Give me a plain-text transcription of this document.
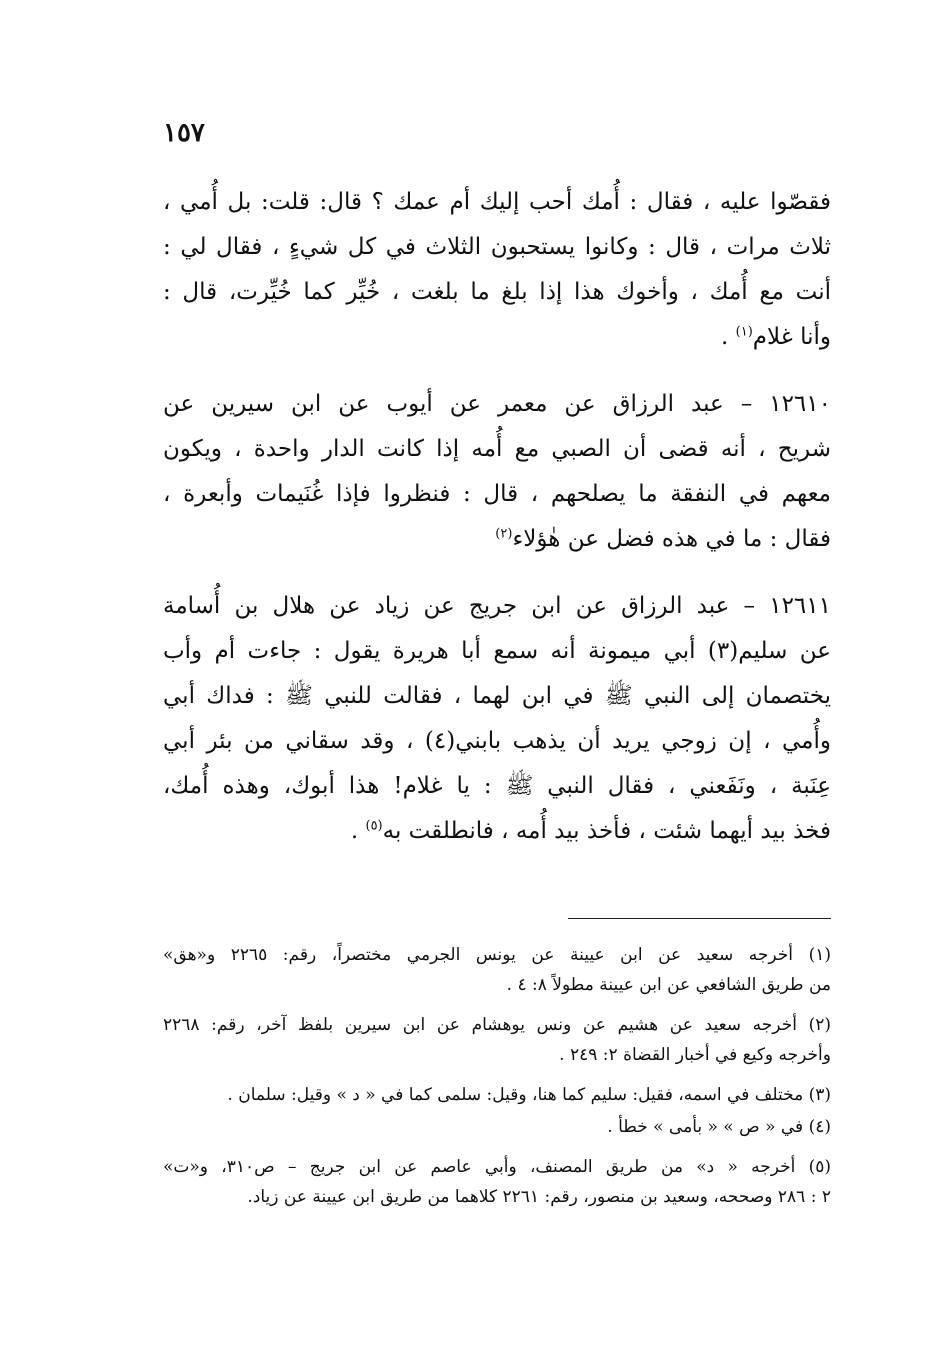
١٥٧
فقصّوا عليه ، فقال : أُمك أحب إليك أم عمك ؟ قال: قلت: بل أُمي ،
ثلاث مرات ، قال : وكانوا يستحبون الثلاث في كل شيءٍ ، فقال لي :
أنت مع أُمك ، وأخوك هذا إذا بلغ ما بلغت ، خُيِّر كما خُيِّرت، قال :
وأنا غلام$^{(١)}$ .
١٢٦١٠ – عبد الرزاق عن معمر عن أيوب عن ابن سيرين عن
شريح ، أنه قضى أن الصبي مع أُمه إذا كانت الدار واحدة ، ويكون
معهم في النفقة ما يصلحهم ، قال : فنظروا فإذا غُنَيمات وأبعرة ،
فقال : ما في هذه فضل عن هٰؤلاء$^{(٢)}$
١٢٦١١ – عبد الرزاق عن ابن جريج عن زياد عن هلال بن أُسامة
عن سليم(٣) أبي ميمونة أنه سمع أبا هريرة يقول : جاءت أم وأب
يختصمان إلى النبي ﷺ في ابن لهما ، فقالت للنبي ﷺ : فداك أبي
وأُمي ، إن زوجي يريد أن يذهب بابني(٤) ، وقد سقاني من بئر أبي
عِنَبة ، ونَفَعني ، فقال النبي ﷺ : يا غلام! هذا أبوك، وهذه أُمك،
فخذ بيد أيهما شئت ، فأخذ بيد أُمه ، فانطلقت به$^{(٥)}$ .
(١) أخرجه سعيد عن ابن عيينة عن يونس الجرمي مختصراً، رقم: ٢٢٦٥ و«هق»
من طريق الشافعي عن ابن عيينة مطولاً ٨: ٤ .
(٢) أخرجه سعيد عن هشيم عن ونس يوهشام عن ابن سيرين بلفظ آخر، رقم: ٢٢٦٨
وأخرجه وكيع في أخبار القضاة ٢: ٢٤٩ .
(٣) مختلف في اسمه، فقيل: سليم كما هنا، وقيل: سلمى كما في « د » وقيل: سلمان .
(٤) في « ص » « بأمى » خطأ .
(٥) أخرجه « د» من طريق المصنف، وأبي عاصم عن ابن جريج – ص٣١٠، و«ت»
٢ : ٢٨٦ وصححه، وسعيد بن منصور، رقم: ٢٢٦١ كلاهما من طريق ابن عيينة عن زياد.
